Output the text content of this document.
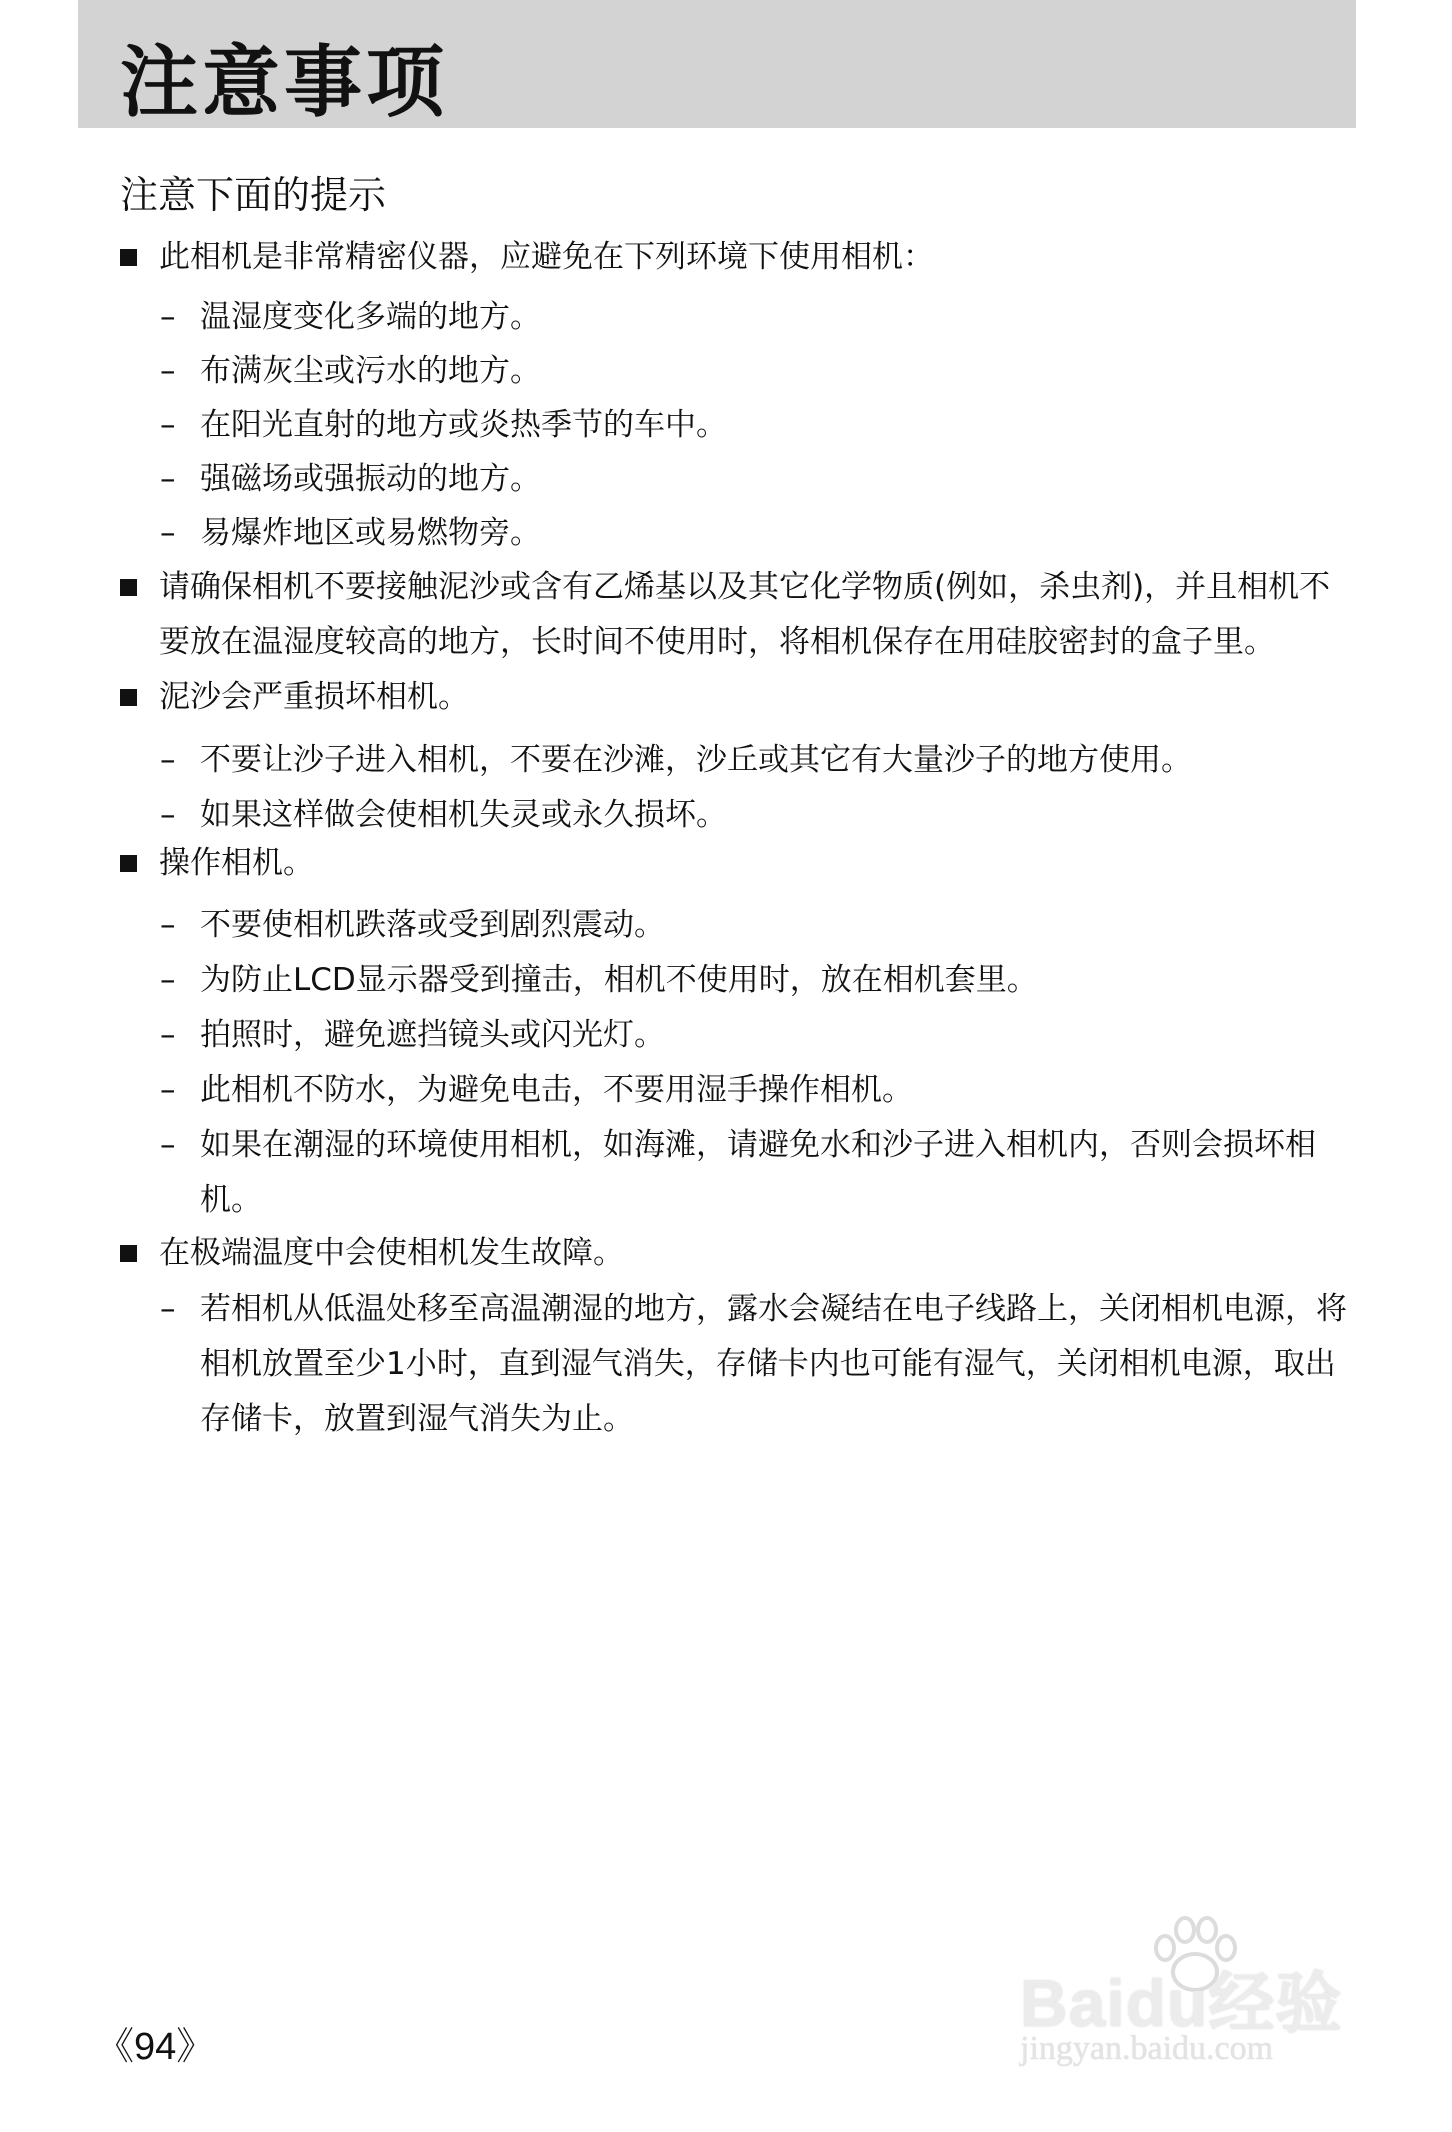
注意事项
注意下面的提示
此相机是非常精密仪器，应避免在下列环境下使用相机：
– 温湿度变化多端的地方。
– 布满灰尘或污水的地方。
– 在阳光直射的地方或炎热季节的车中。
– 强磁场或强振动的地方。
– 易爆炸地区或易燃物旁。
请确保相机不要接触泥沙或含有乙烯基以及其它化学物质(例如，杀虫剂)，并且相机不要放在温湿度较高的地方，长时间不使用时，将相机保存在用硅胶密封的盒子里。
泥沙会严重损坏相机。
– 不要让沙子进入相机，不要在沙滩，沙丘或其它有大量沙子的地方使用。
– 如果这样做会使相机失灵或永久损坏。
操作相机。
– 不要使相机跌落或受到剧烈震动。
– 为防止LCD显示器受到撞击，相机不使用时，放在相机套里。
– 拍照时，避免遮挡镜头或闪光灯。
– 此相机不防水，为避免电击，不要用湿手操作相机。
– 如果在潮湿的环境使用相机，如海滩，请避免水和沙子进入相机内，否则会损坏相机。
在极端温度中会使相机发生故障。
– 若相机从低温处移至高温潮湿的地方，露水会凝结在电子线路上，关闭相机电源，将相机放置至少1小时，直到湿气消失，存储卡内也可能有湿气，关闭相机电源，取出存储卡，放置到湿气消失为止。
Baidu经验
jingyan.baidu.com
《94》
